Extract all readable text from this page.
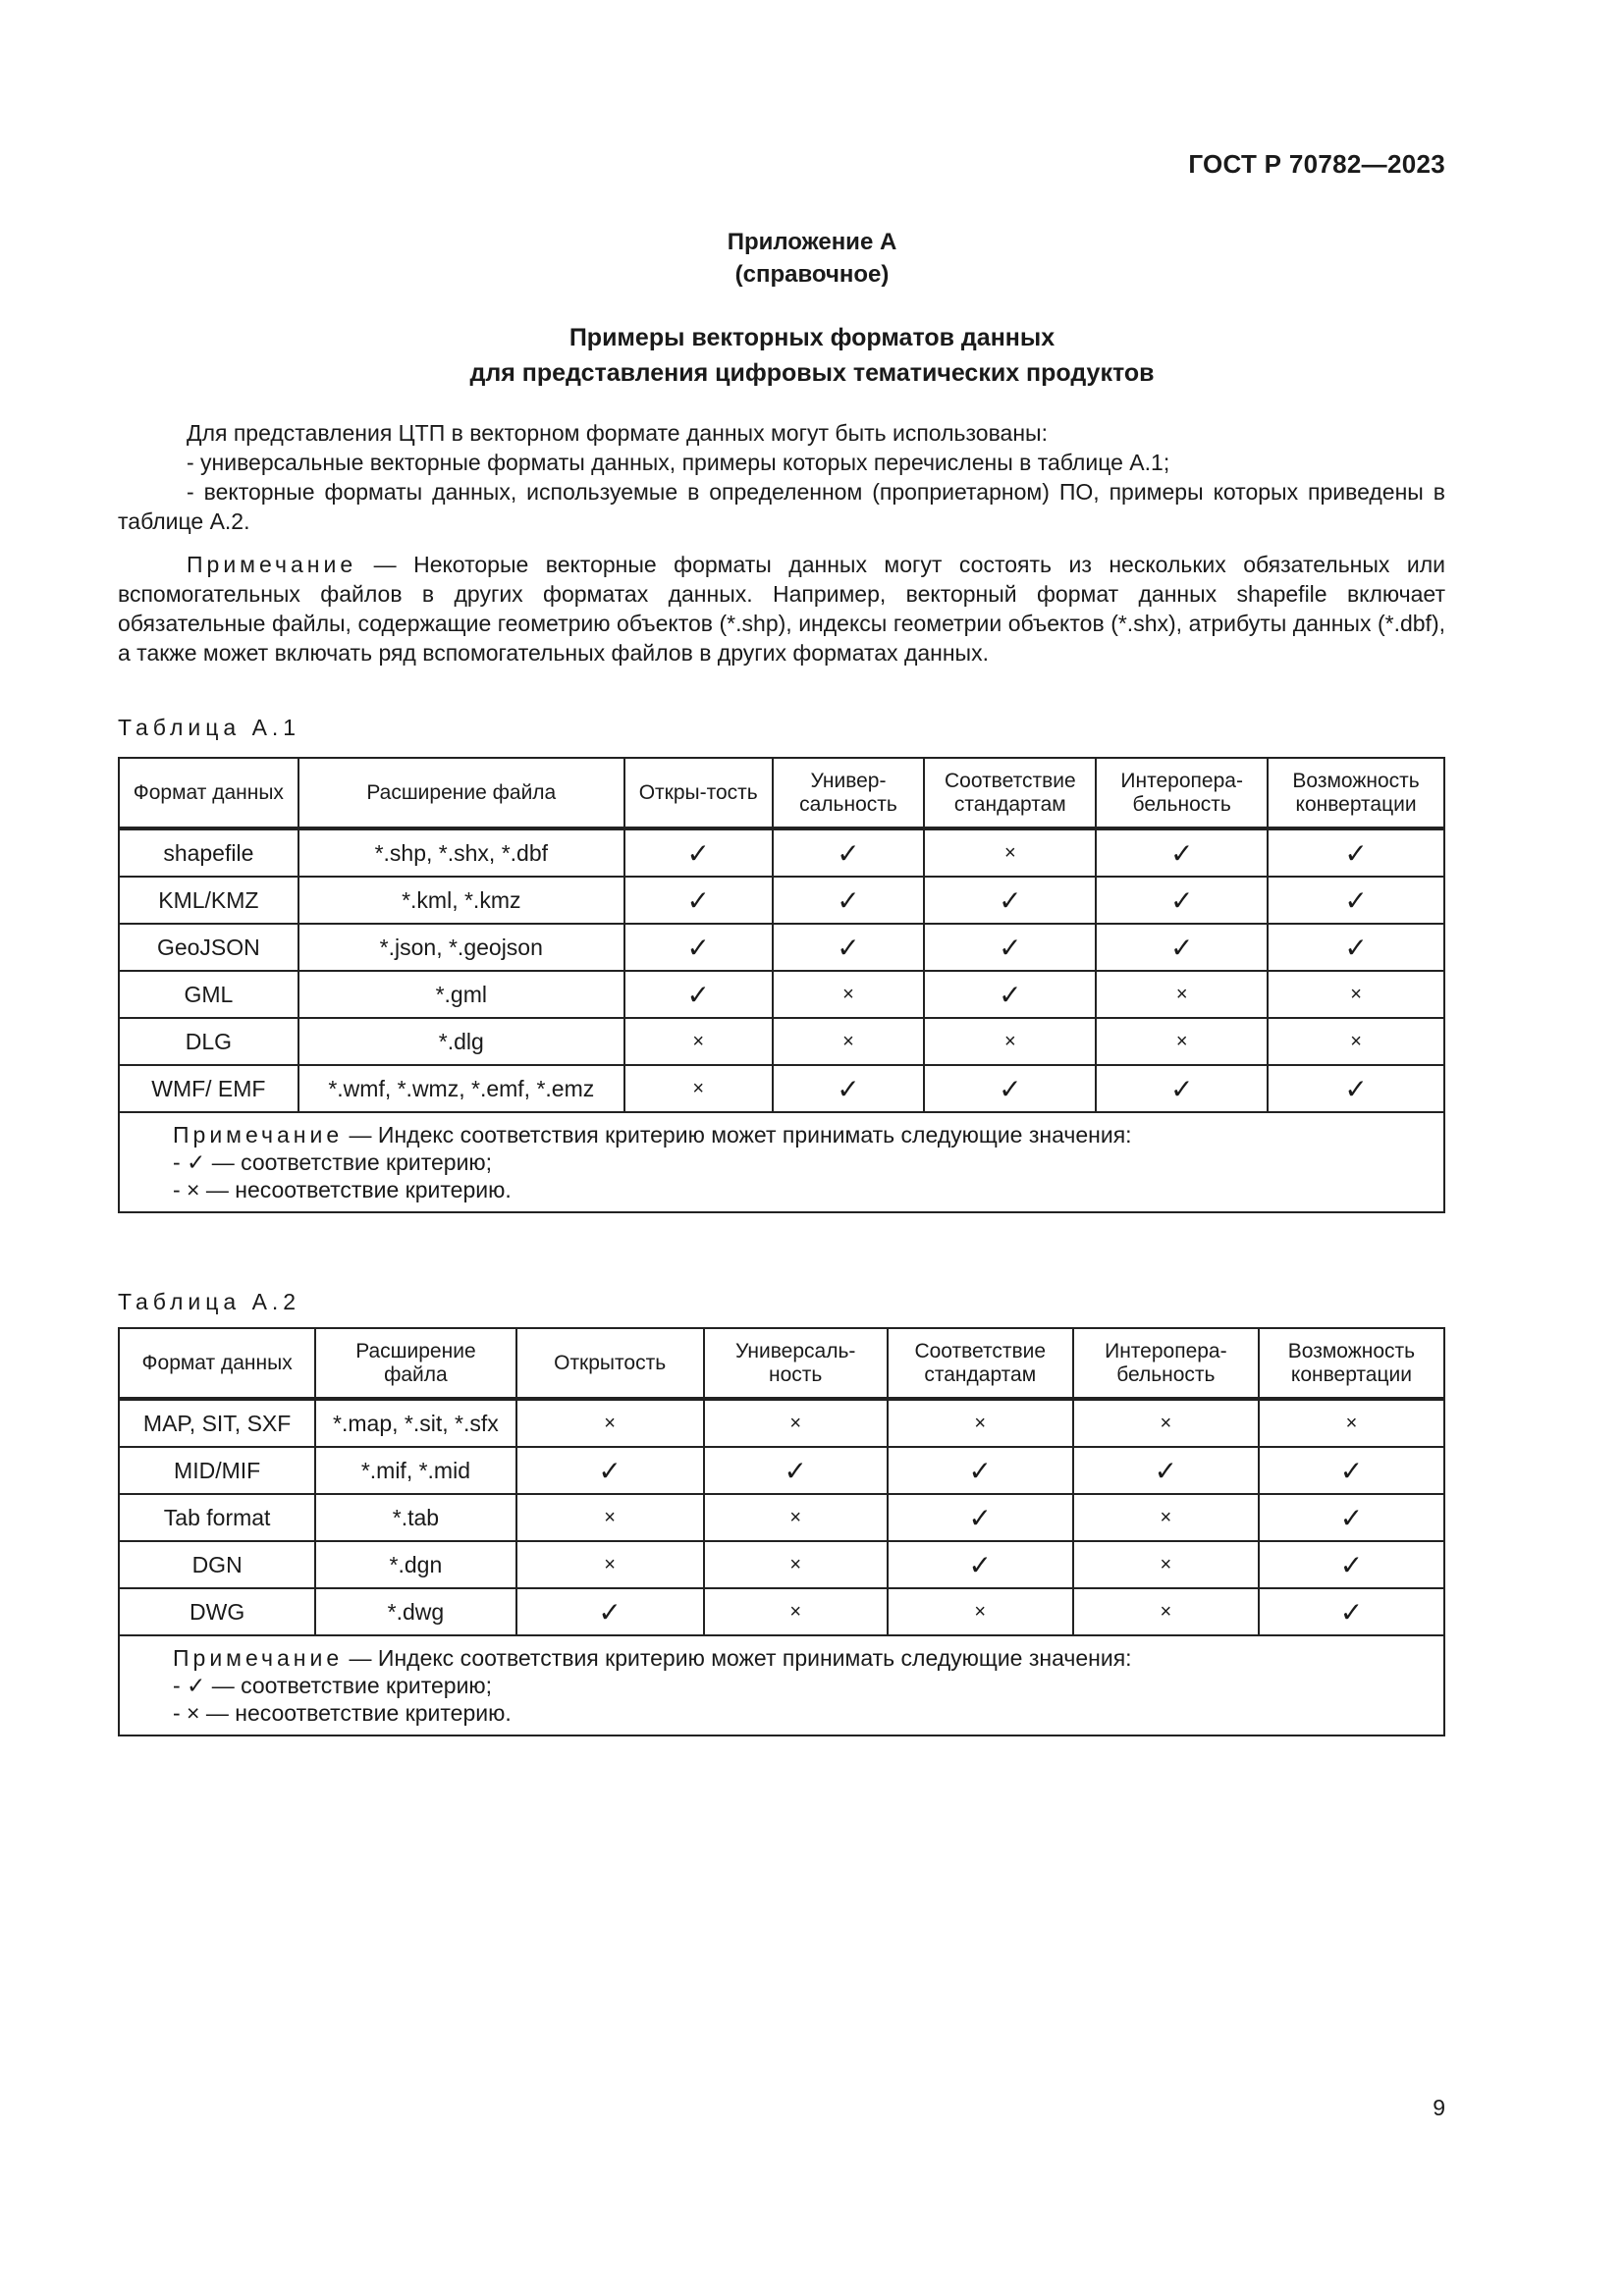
ГОСТ Р 70782—2023
Приложение А
(справочное)
Примеры векторных форматов данных
для представления цифровых тематических продуктов

Для представления ЦТП в векторном формате данных могут быть использованы:

- универсальные векторные форматы данных, примеры которых перечислены в таблице А.1;

- векторные форматы данных, используемые в определенном (проприетарном) ПО, примеры которых приведены в таблице А.2.

Примечание — Некоторые векторные форматы данных могут состоять из нескольких обязательных или вспомогательных файлов в других форматах данных. Например, векторный формат данных shapefile включает обязательные файлы, содержащие геометрию объектов (*.shp), индексы геометрии объектов (*.shx), атрибуты данных (*.dbf), а также может включать ряд вспомогательных файлов в других форматах данных.

Таблица А.1
Формат данных	Расширение файла	Откры-тость	Универ-сальность	Соответствие стандартам	Интеропера-бельность	Возможность конвертации
shapefile	*.shp, *.shx, *.dbf	✓	✓	×	✓	✓
KML/KMZ	*.kml, *.kmz	✓	✓	✓	✓	✓
GeoJSON	*.json, *.geojson	✓	✓	✓	✓	✓
GML	*.gml	✓	×	✓	×	×
DLG	*.dlg	×	×	×	×	×
WMF/ EMF	*.wmf, *.wmz, *.emf, *.emz	×	✓	✓	✓	✓

Примечание — Индекс соответствия критерию может принимать следующие значения:
- ✓ — соответствие критерию;
- × — несоответствие критерию.						
Таблица А.2
Формат данных	Расширение файла	Открытость	Универсаль-ность	Соответствие стандартам	Интеропера-бельность	Возможность конвертации
MAP, SIT, SXF	*.map, *.sit, *.sfx	×	×	×	×	×
MID/MIF	*.mif, *.mid	✓	✓	✓	✓	✓
Tab format	*.tab	×	×	✓	×	✓
DGN	*.dgn	×	×	✓	×	✓
DWG	*.dwg	✓	×	×	×	✓

Примечание — Индекс соответствия критерию может принимать следующие значения:
- ✓ — соответствие критерию;
- × — несоответствие критерию.						
9
